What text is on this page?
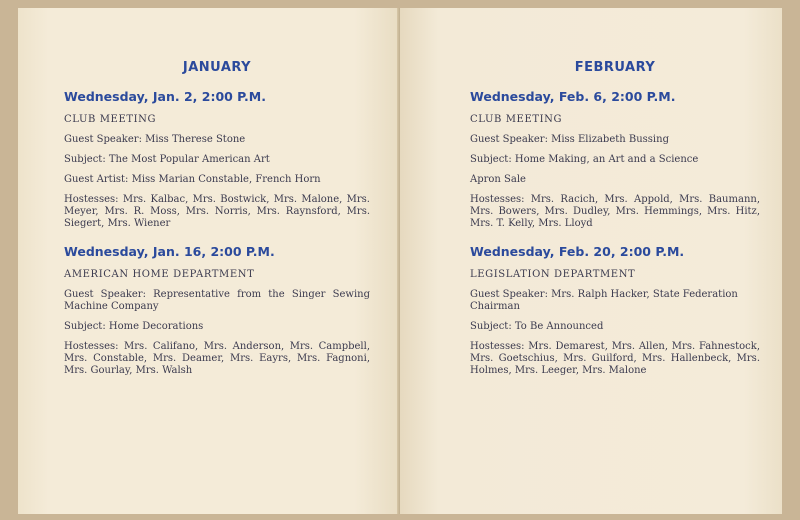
JANUARY
Wednesday, Jan. 2, 2:00 P.M.
CLUB MEETING
Guest Speaker: Miss Therese Stone
Subject: The Most Popular American Art
Guest Artist: Miss Marian Constable, French Horn
Hostesses: Mrs. Kalbac, Mrs. Bostwick, Mrs. Malone, Mrs. Meyer, Mrs. R. Moss, Mrs. Norris, Mrs. Raynsford, Mrs. Siegert, Mrs. Wiener
Wednesday, Jan. 16, 2:00 P.M.
AMERICAN HOME DEPARTMENT
Guest Speaker: Representative from the Singer Sewing Machine Company
Subject: Home Decorations
Hostesses: Mrs. Califano, Mrs. Anderson, Mrs. Campbell, Mrs. Constable, Mrs. Deamer, Mrs. Eayrs, Mrs. Fagnoni, Mrs. Gourlay, Mrs. Walsh
FEBRUARY
Wednesday, Feb. 6, 2:00 P.M.
CLUB MEETING
Guest Speaker: Miss Elizabeth Bussing
Subject: Home Making, an Art and a Science
Apron Sale
Hostesses: Mrs. Racich, Mrs. Appold, Mrs. Baumann, Mrs. Bowers, Mrs. Dudley, Mrs. Hemmings, Mrs. Hitz, Mrs. T. Kelly, Mrs. Lloyd
Wednesday, Feb. 20, 2:00 P.M.
LEGISLATION DEPARTMENT
Guest Speaker: Mrs. Ralph Hacker, State Federation Chairman
Subject: To Be Announced
Hostesses: Mrs. Demarest, Mrs. Allen, Mrs. Fahnestock, Mrs. Goetschius, Mrs. Guilford, Mrs. Hallenbeck, Mrs. Holmes, Mrs. Leeger, Mrs. Malone
